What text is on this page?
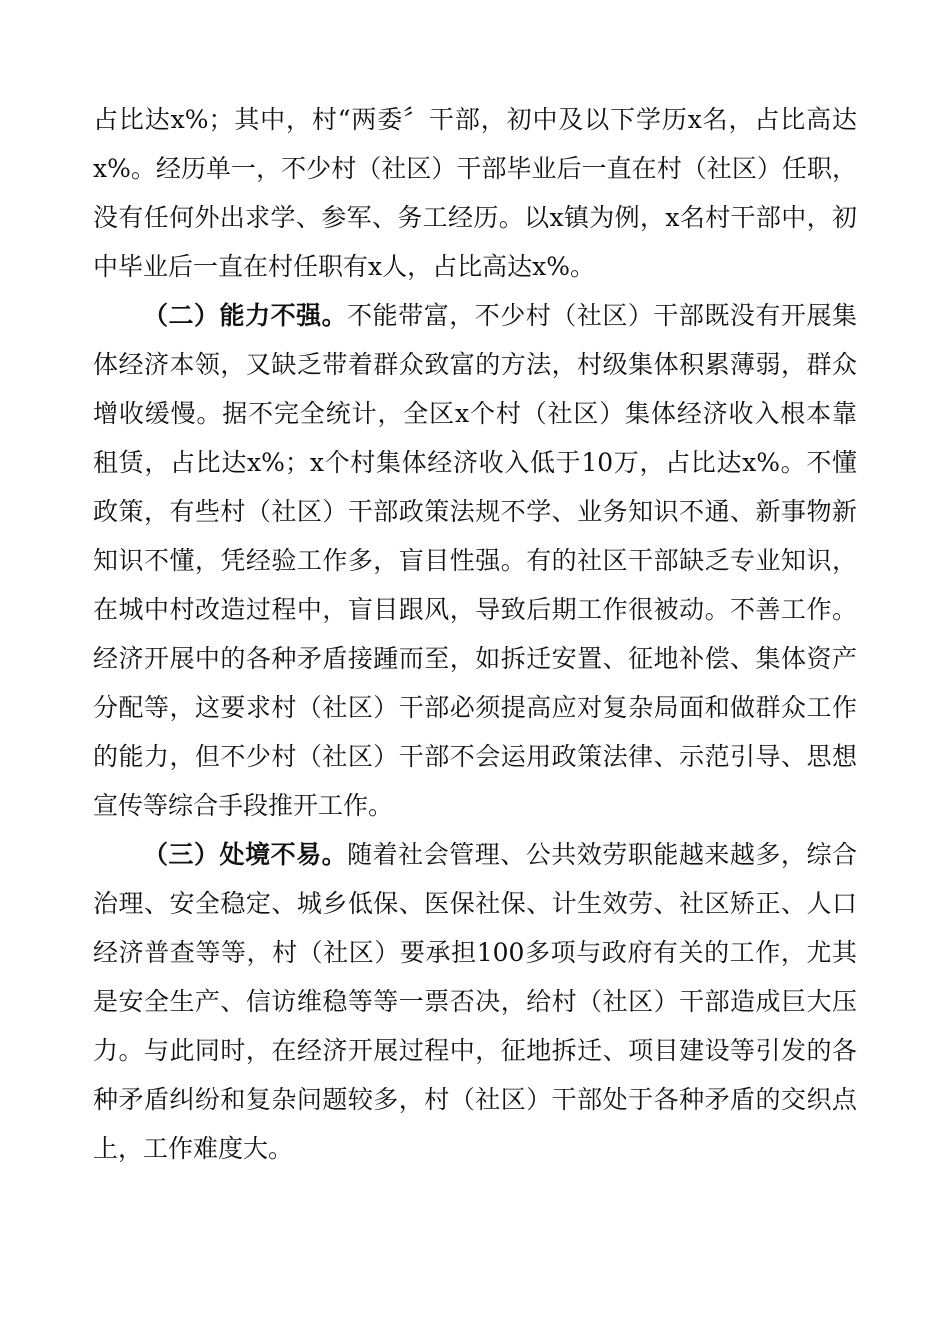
占比达x%；其中，村“两委〞干部，初中及以下学历x名，占比高达x%。经历单一，不少村（社区）干部毕业后一直在村（社区）任职，没有任何外出求学、参军、务工经历。以x镇为例，x名村干部中，初中毕业后一直在村任职有x人，占比高达x%。

（二）能力不强。不能带富，不少村（社区）干部既没有开展集体经济本领，又缺乏带着群众致富的方法，村级集体积累薄弱，群众增收缓慢。据不完全统计，全区x个村（社区）集体经济收入根本靠租赁，占比达x%；x个村集体经济收入低于10万，占比达x%。不懂政策，有些村（社区）干部政策法规不学、业务知识不通、新事物新知识不懂，凭经验工作多，盲目性强。有的社区干部缺乏专业知识，在城中村改造过程中，盲目跟风，导致后期工作很被动。不善工作。经济开展中的各种矛盾接踵而至，如拆迁安置、征地补偿、集体资产分配等，这要求村（社区）干部必须提高应对复杂局面和做群众工作的能力，但不少村（社区）干部不会运用政策法律、示范引导、思想宣传等综合手段推开工作。

（三）处境不易。随着社会管理、公共效劳职能越来越多，综合治理、安全稳定、城乡低保、医保社保、计生效劳、社区矫正、人口经济普查等等，村（社区）要承担100多项与政府有关的工作，尤其是安全生产、信访维稳等等一票否决，给村（社区）干部造成巨大压力。与此同时，在经济开展过程中，征地拆迁、项目建设等引发的各种矛盾纠纷和复杂问题较多，村（社区）干部处于各种矛盾的交织点上，工作难度大。
